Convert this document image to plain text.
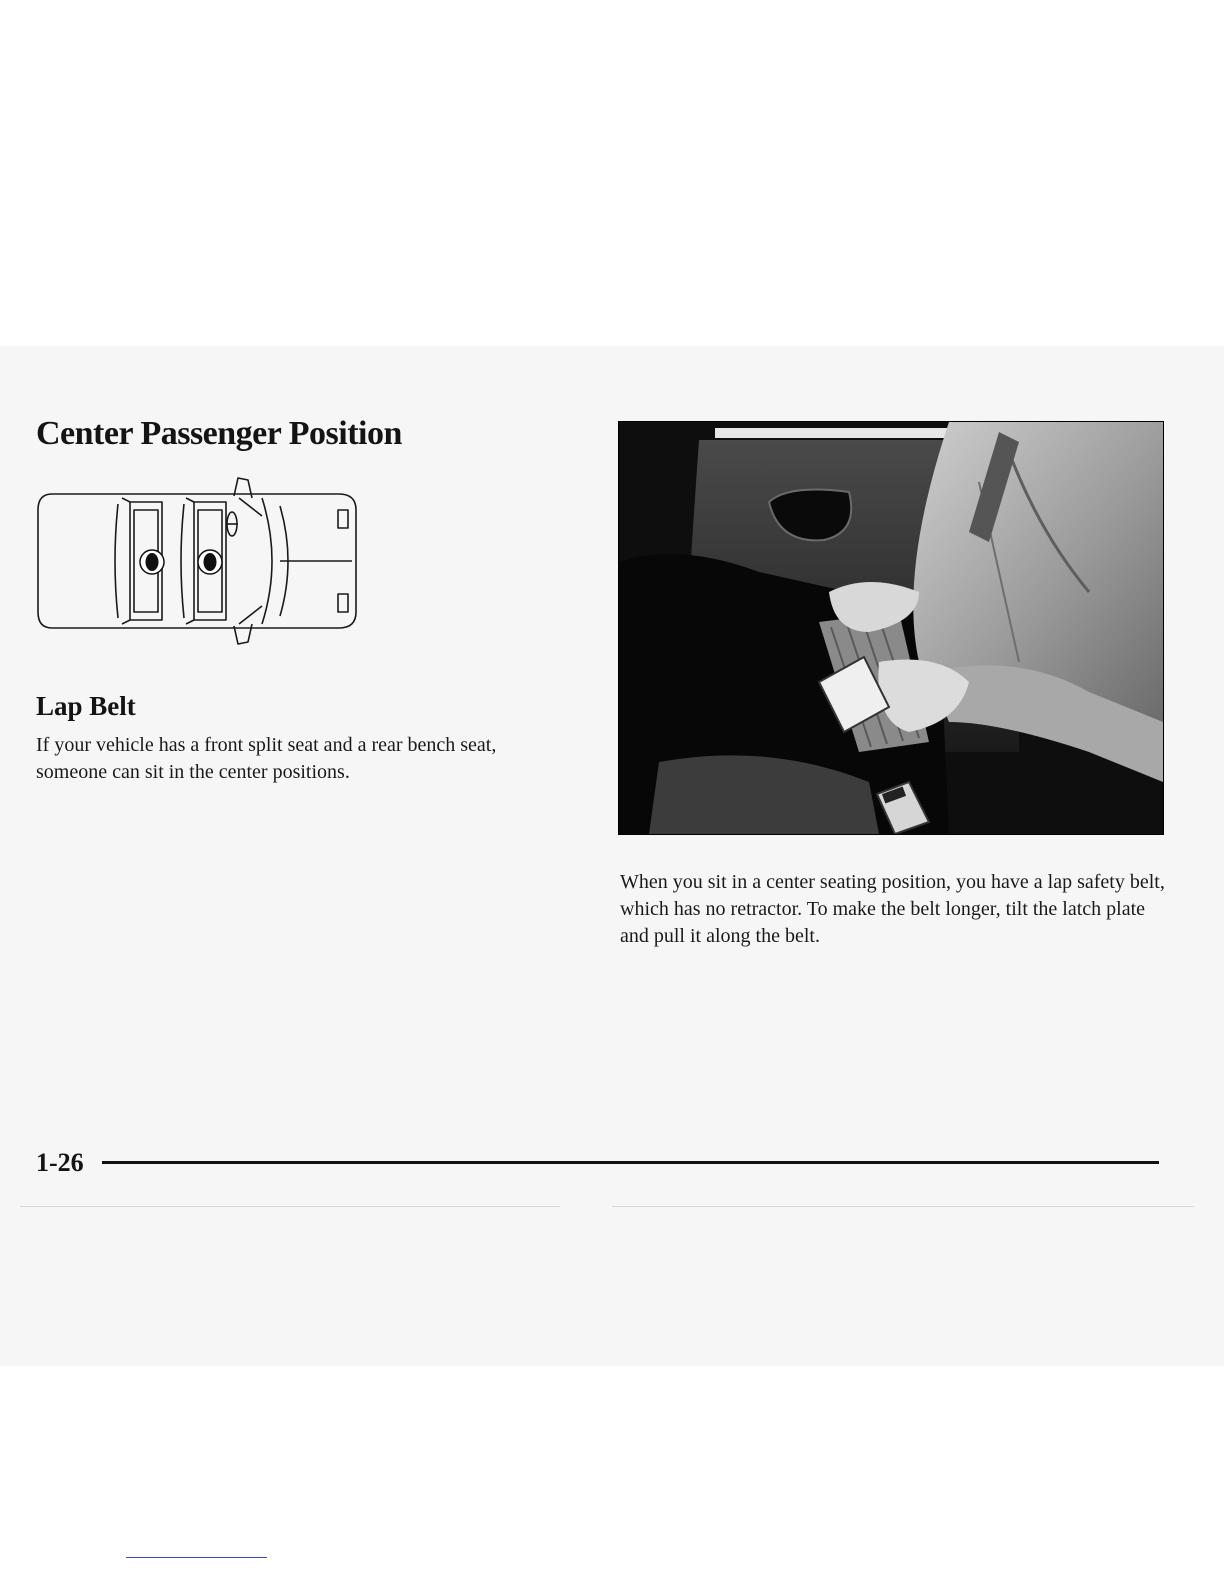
Center Passenger Position
Lap Belt

If your vehicle has a front split seat and a rear bench seat, someone can sit in the center positions.

When you sit in a center seating position, you have a lap safety belt, which has no retractor. To make the belt longer, tilt the latch plate and pull it along the belt.

1-26
